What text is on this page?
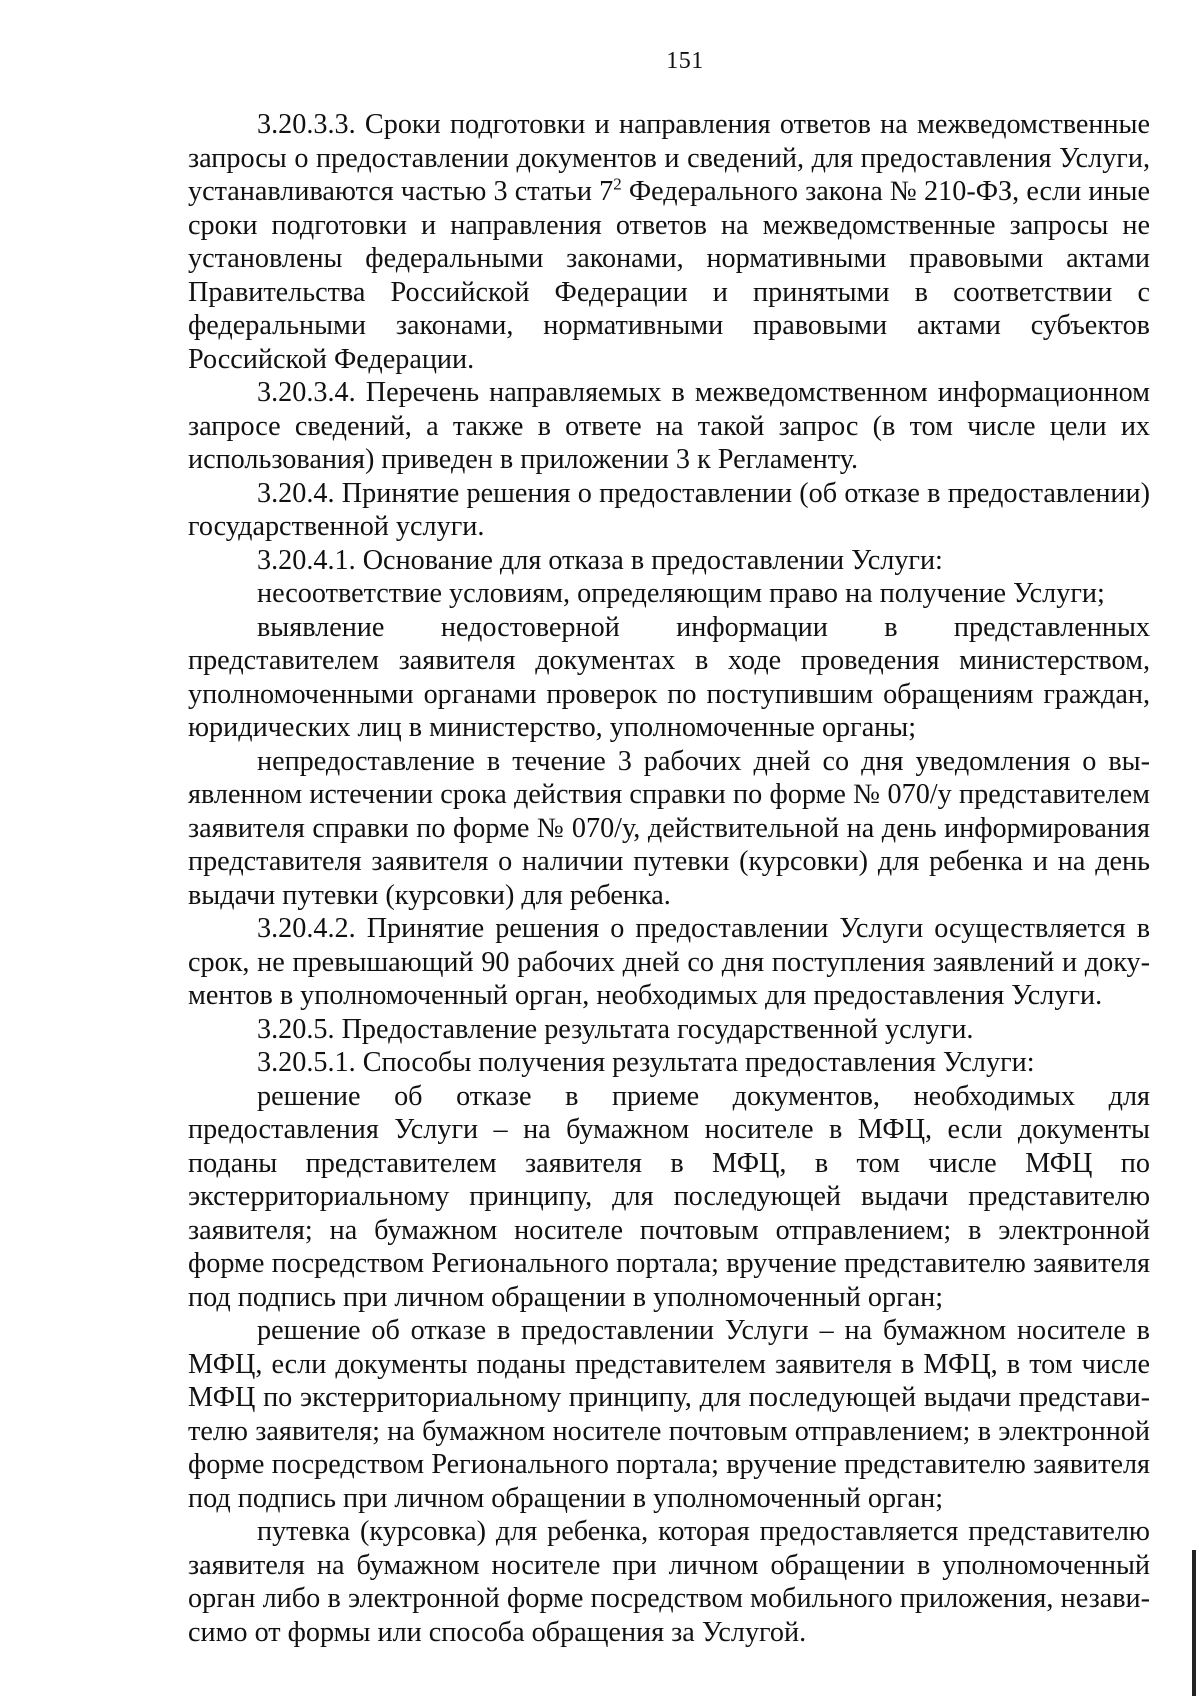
151

3.20.3.3. Сроки подготовки и направления ответов на межведомственные запросы о предоставлении документов и сведений, для предоставления Услуги, устанавливаются частью 3 статьи $7^2$ Федерального закона № 210-ФЗ, если иные сроки подготовки и направления ответов на межведомственные запросы не установлены федеральными законами, нормативными правовыми актами Правительства Российской Федерации и принятыми в соответствии с федеральными законами, нормативными правовыми актами субъектов Российской Федерации.

3.20.3.4. Перечень направляемых в межведомственном информационном запросе сведений, а также в ответе на такой запрос (в том числе цели их использования) приведен в приложении 3 к Регламенту.

3.20.4. Принятие решения о предоставлении (об отказе в предоставлении) государственной услуги.

3.20.4.1. Основание для отказа в предоставлении Услуги:

несоответствие условиям, определяющим право на получение Услуги;

выявление недостоверной информации в представленных представителем заявителя документах в ходе проведения министерством, уполномоченными органами проверок по поступившим обращениям граждан, юридических лиц в министерство, уполномоченные органы;

непредоставление в течение 3 рабочих дней со дня уведомления о выявленном истечении срока действия справки по форме № 070/у представителем заявителя справки по форме № 070/у, действительной на день информирования представителя заявителя о наличии путевки (курсовки) для ребенка и на день выдачи путевки (курсовки) для ребенка.

3.20.4.2. Принятие решения о предоставлении Услуги осуществляется в срок, не превышающий 90 рабочих дней со дня поступления заявлений и документов в уполномоченный орган, необходимых для предоставления Услуги.

3.20.5. Предоставление результата государственной услуги.

3.20.5.1. Способы получения результата предоставления Услуги:

решение об отказе в приеме документов, необходимых для предоставления Услуги – на бумажном носителе в МФЦ, если документы поданы представителем заявителя в МФЦ, в том числе МФЦ по экстерриториальному принципу, для последующей выдачи представителю заявителя; на бумажном носителе почтовым отправлением; в электронной форме посредством Регионального портала; вручение представителю заявителя под подпись при личном обращении в уполномоченный орган;

решение об отказе в предоставлении Услуги – на бумажном носителе в МФЦ, если документы поданы представителем заявителя в МФЦ, в том числе МФЦ по экстерриториальному принципу, для последующей выдачи представителю заявителя; на бумажном носителе почтовым отправлением; в электронной форме посредством Регионального портала; вручение представителю заявителя под подпись при личном обращении в уполномоченный орган;

путевка (курсовка) для ребенка, которая предоставляется представителю заявителя на бумажном носителе при личном обращении в уполномоченный орган либо в электронной форме посредством мобильного приложения, независимо от формы или способа обращения за Услугой.
